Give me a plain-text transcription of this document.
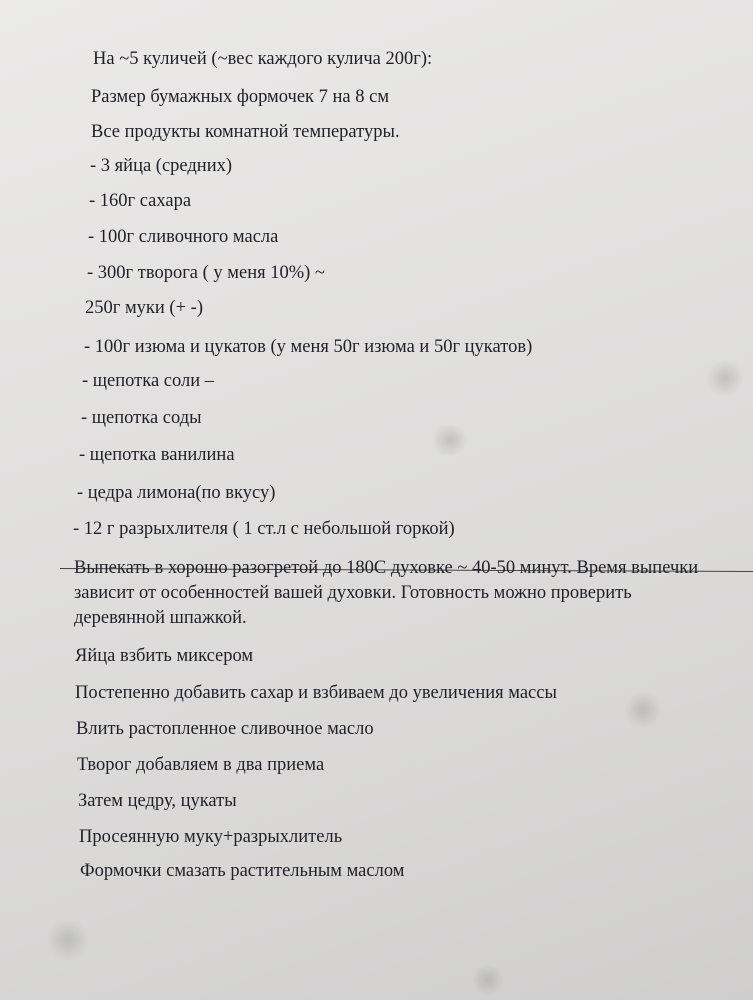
На ~5 куличей (~вес каждого кулича 200г):

Размер бумажных формочек 7 на 8 см

Все продукты комнатной температуры.

- 3 яйца (средних)

- 160г сахара

- 100г сливочного масла

- 300г творога ( у меня 10%) ~

250г муки (+ -)

- 100г изюма и цукатов (у меня 50г изюма и 50г цукатов)

- щепотка соли –

- щепотка соды

- щепотка ванилина

- цедра лимона(по вкусу)

- 12 г разрыхлителя ( 1 ст.л с небольшой горкой)

Выпекать в хорошо разогретой до 180С духовке ~ 40-50 минут. Время выпечки зависит от особенностей вашей духовки. Готовность можно проверить деревянной шпажкой.

Яйца взбить миксером

Постепенно добавить сахар и взбиваем до увеличения массы

Влить растопленное сливочное масло

Творог добавляем в два приема

Затем цедру, цукаты

Просеянную муку+разрыхлитель

Формочки смазать растительным маслом
